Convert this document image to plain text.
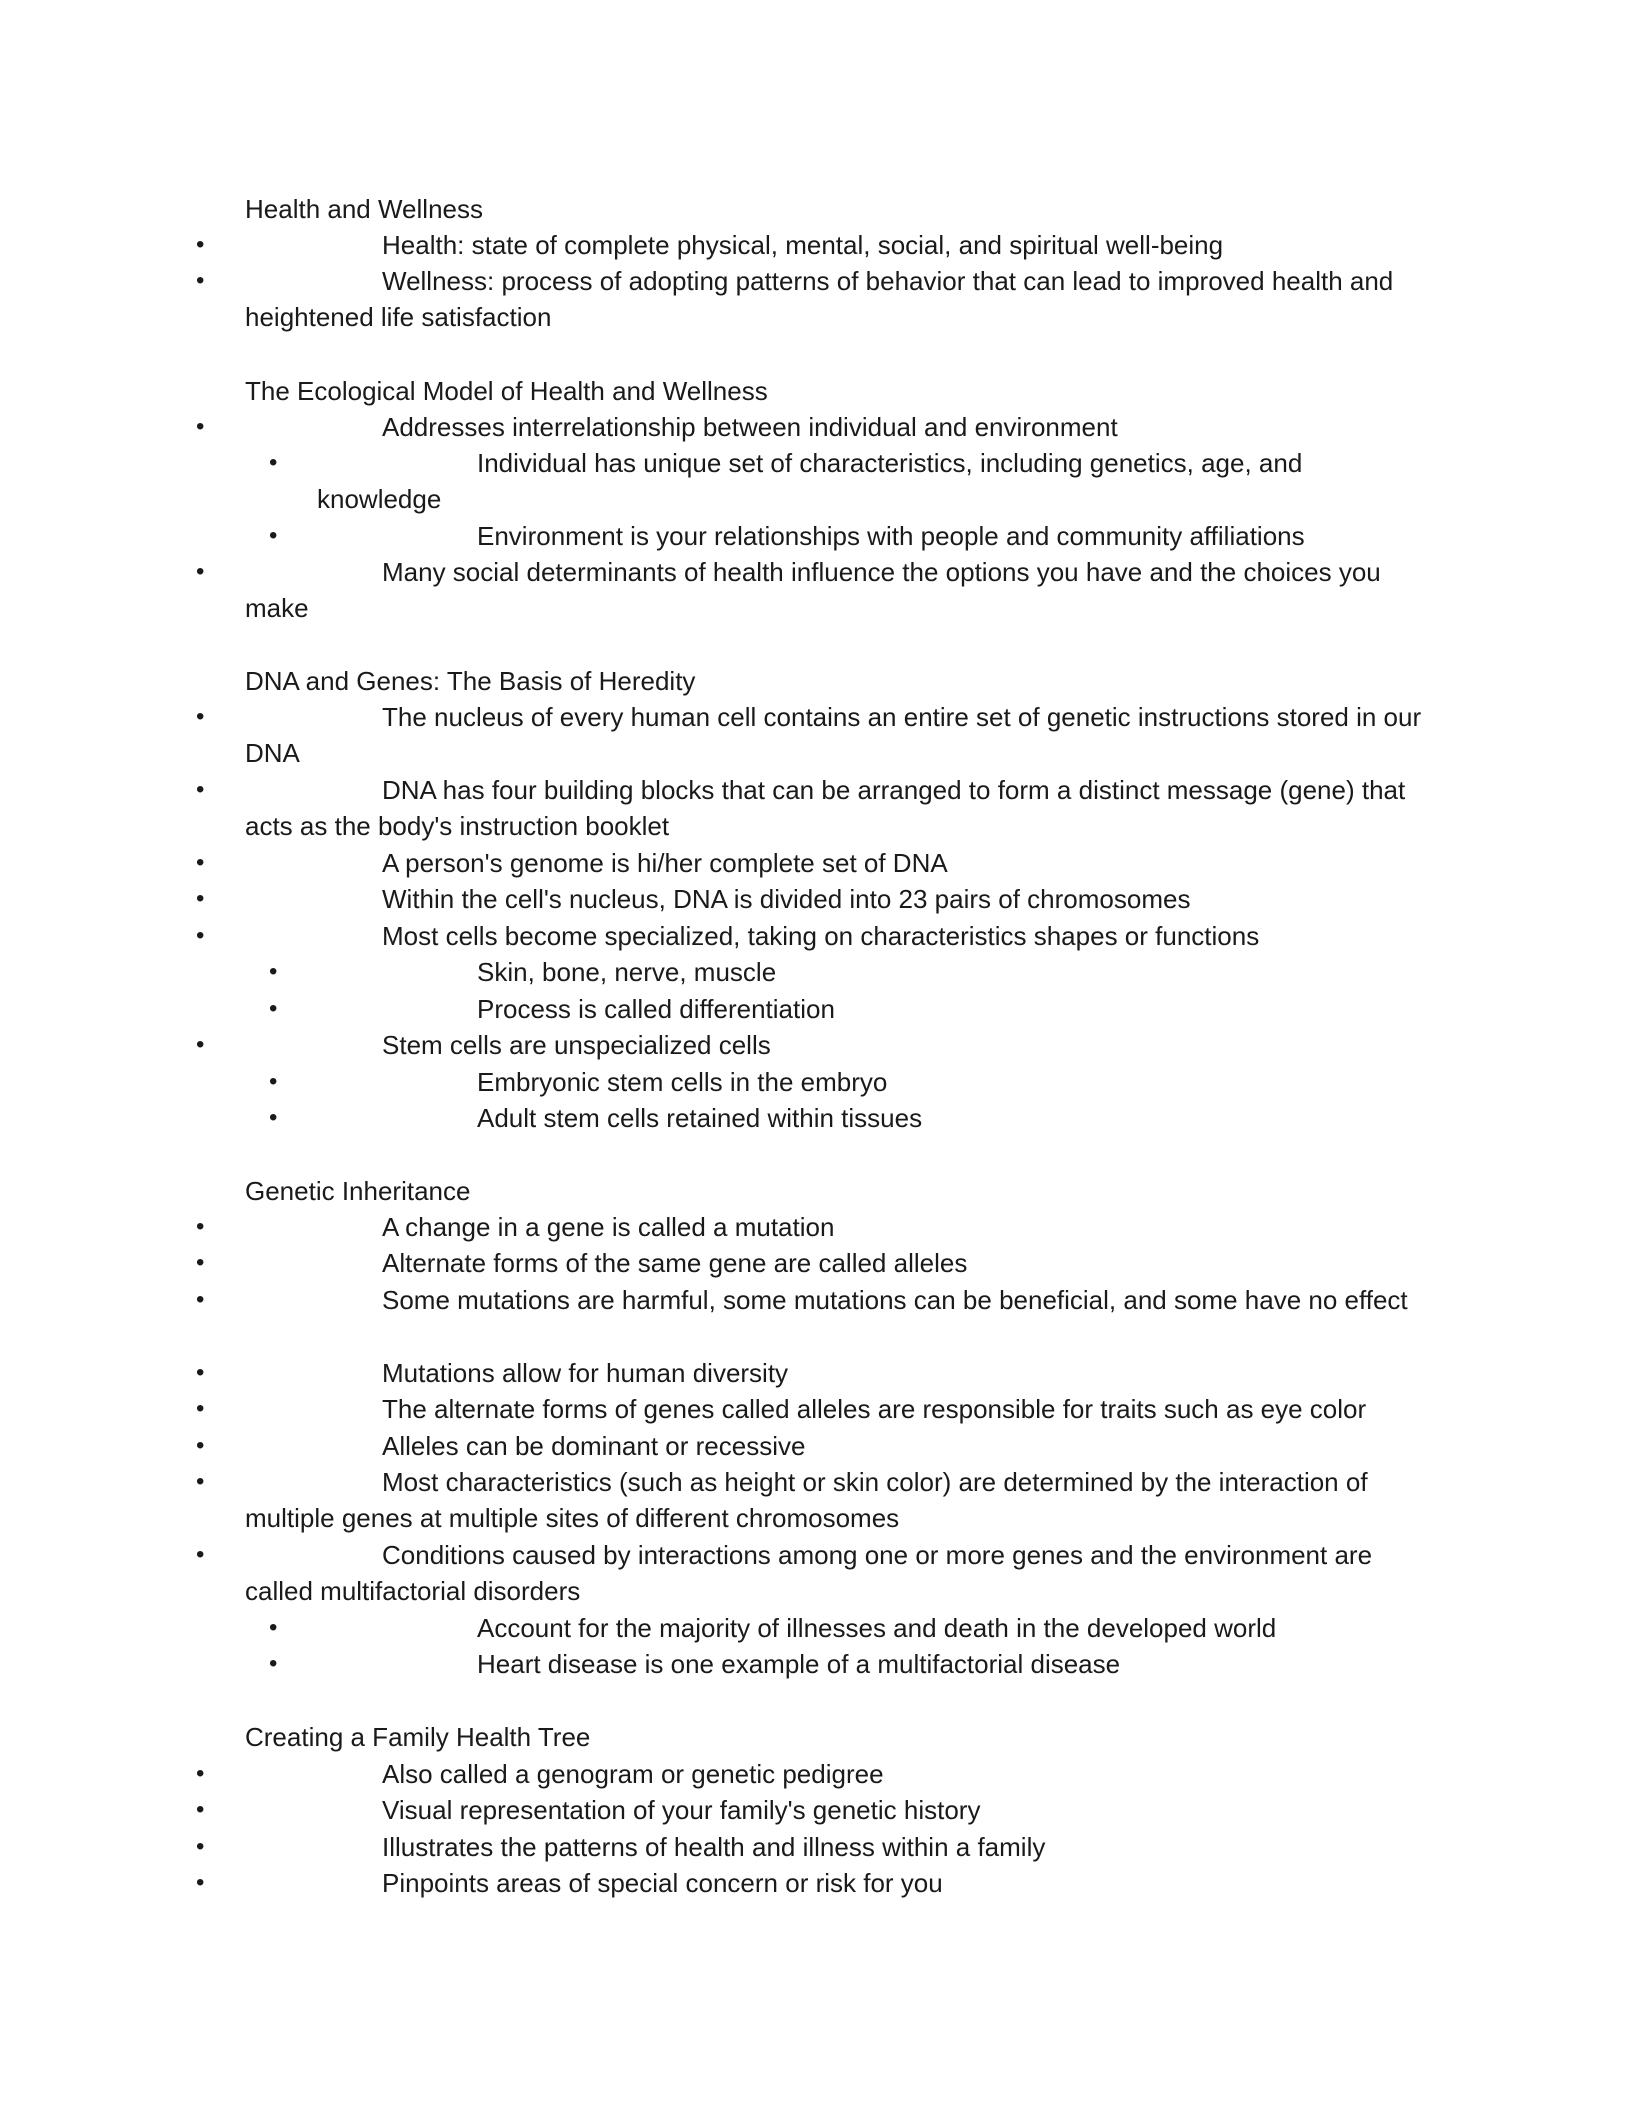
Health and Wellness
•	Health: state of complete physical, mental, social, and spiritual well-being
•	Wellness: process of adopting patterns of behavior that can lead to improved health and heightened life satisfaction
The Ecological Model of Health and Wellness
•	Addresses interrelationship between individual and environment
•	Individual has unique set of characteristics, including genetics, age, and knowledge
•	Environment is your relationships with people and community affiliations
•	Many social determinants of health influence the options you have and the choices you make
DNA and Genes: The Basis of Heredity
•	The nucleus of every human cell contains an entire set of genetic instructions stored in our DNA
•	DNA has four building blocks that can be arranged to form a distinct message (gene) that acts as the body's instruction booklet
•	A person's genome is hi/her complete set of DNA
•	Within the cell's nucleus, DNA is divided into 23 pairs of chromosomes
•	Most cells become specialized, taking on characteristics shapes or functions
•	Skin, bone, nerve, muscle
•	Process is called differentiation
•	Stem cells are unspecialized cells
•	Embryonic stem cells in the embryo
•	Adult stem cells retained within tissues
Genetic Inheritance
•	A change in a gene is called a mutation
•	Alternate forms of the same gene are called alleles
•	Some mutations are harmful, some mutations can be beneficial, and some have no effect
•	Mutations allow for human diversity
•	The alternate forms of genes called alleles are responsible for traits such as eye color
•	Alleles can be dominant or recessive
•	Most characteristics (such as height or skin color) are determined by the interaction of multiple genes at multiple sites of different chromosomes
•	Conditions caused by interactions among one or more genes and the environment are called multifactorial disorders
•	Account for the majority of illnesses and death in the developed world
•	Heart disease is one example of a multifactorial disease
Creating a Family Health Tree
•	Also called a genogram or genetic pedigree
•	Visual representation of your family's genetic history
•	Illustrates the patterns of health and illness within a family
•	Pinpoints areas of special concern or risk for you
